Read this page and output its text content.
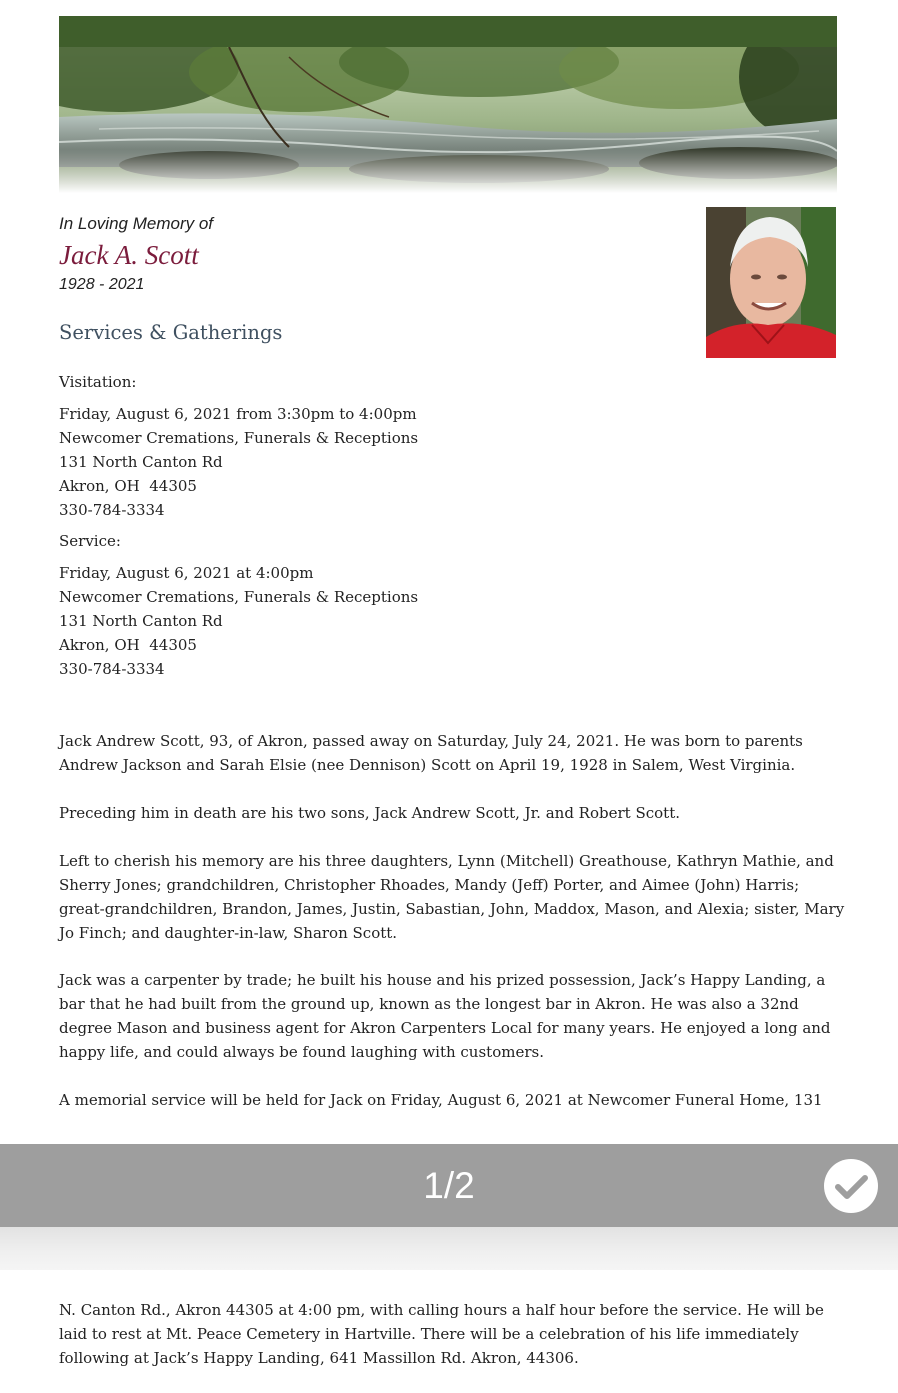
In Loving Memory of
Jack A. Scott
1928 - 2021
Services & Gatherings
Visitation:
Friday, August 6, 2021 from 3:30pm to 4:00pm
Newcomer Cremations, Funerals & Receptions
131 North Canton Rd
Akron, OH  44305
330-784-3334
Service:
Friday, August 6, 2021 at 4:00pm
Newcomer Cremations, Funerals & Receptions
131 North Canton Rd
Akron, OH  44305
330-784-3334

Jack Andrew Scott, 93, of Akron, passed away on Saturday, July 24, 2021. He was born to parents Andrew Jackson and Sarah Elsie (nee Dennison) Scott on April 19, 1928 in Salem, West Virginia.

Preceding him in death are his two sons, Jack Andrew Scott, Jr. and Robert Scott.

Left to cherish his memory are his three daughters, Lynn (Mitchell) Greathouse, Kathryn Mathie, and Sherry Jones; grandchildren, Christopher Rhoades, Mandy (Jeff) Porter, and Aimee (John) Harris; great-grandchildren, Brandon, James, Justin, Sabastian, John, Maddox, Mason, and Alexia; sister, Mary Jo Finch; and daughter-in-law, Sharon Scott.

Jack was a carpenter by trade; he built his house and his prized possession, Jack’s Happy Landing, a bar that he had built from the ground up, known as the longest bar in Akron. He was also a 32nd degree Mason and business agent for Akron Carpenters Local for many years. He enjoyed a long and happy life, and could always be found laughing with customers.

A memorial service will be held for Jack on Friday, August 6, 2021 at Newcomer Funeral Home, 131

1/2

N. Canton Rd., Akron 44305 at 4:00 pm, with calling hours a half hour before the service. He will be laid to rest at Mt. Peace Cemetery in Hartville. There will be a celebration of his life immediately following at Jack’s Happy Landing, 641 Massillon Rd. Akron, 44306.
